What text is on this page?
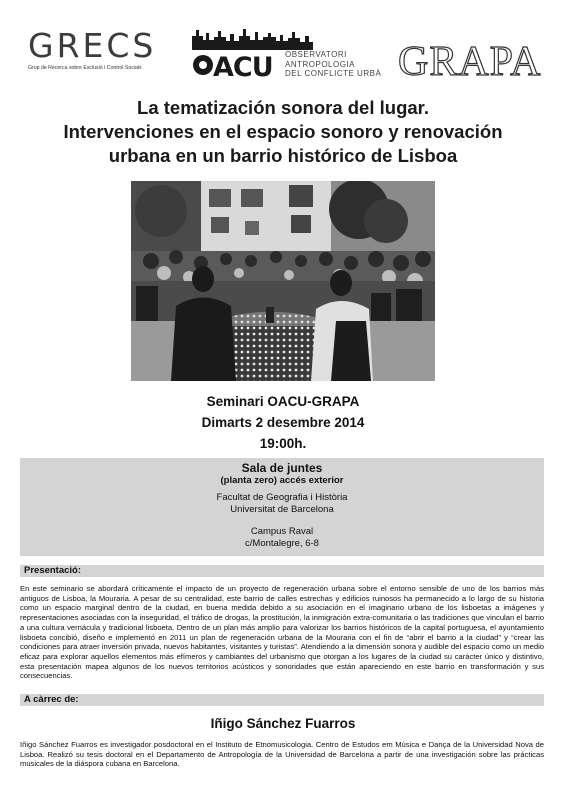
GRECS
Grup de Recerca sobre Exclusió i Control Socials	ACU OBSERVATORI
ANTROPOLOGIA
DEL CONFLICTE URBÀ GRAPA
La tematización sonora del lugar.
Intervenciones en el espacio sonoro y renovación
urbana en un barrio histórico de Lisboa
Seminari OACU-GRAPA
Dimarts 2 desembre 2014
19:00h.
Sala de juntes
(planta zero) accés exterior
Facultat de Geografia i Història
Universitat de Barcelona
Campus Raval
c/Montalegre, 6-8
Presentació:

En este seminario se abordará críticamente el impacto de un proyecto de regeneración urbana sobre el entorno sensible de uno de los barrios más antiguos de Lisboa, la Mouraria. A pesar de su centralidad, este barrio de calles estrechas y edificios ruinosos ha permanecido a lo largo de su historia como un espacio marginal dentro de la ciudad, en buena medida debido a su asociación en el imaginario urbano de los lisboetas a imágenes y representaciones asociadas con la inseguridad, el tráfico de drogas, la prostitución, la inmigración extra-comunitaria o las tradiciones que vinculan el barrio a una cultura vernácula y tradicional lisboeta. Dentro de un plan más amplio para valorizar los barrios históricos de la capital portuguesa, el ayuntamiento lisboeta concibió, diseño e implementó en 2011 un plan de regeneración urbana de la Mouraria con el fin de “abrir el barrio a la ciudad” y “crear las condiciones para atraer inversión privada, nuevos habitantes, visitantes y turistas”. Atendiendo a la dimensión sonora y audible del espacio como un medio eficaz para explorar aquellos elementos más efímeros y cambiantes del urbanismo que otorgan a los lugares de la ciudad su carácter único y distintivo, esta presentación mapea algunos de los nuevos territorios acústicos y sonoridades que están apareciendo en este barrio en transformación y sus consecuencias.

A càrrec de:
Iñigo Sánchez Fuarros

Iñigo Sánchez Fuarros es investigador posdoctoral en el Instituto de Etnomusicologia. Centro de Estudos em Música e Dança de la Universidad Nova de Lisboa. Realizó su tesis doctoral en el Departamento de Antropología de la Universidad de Barcelona a partir de una investigación sobre las prácticas musicales de la diáspora cubana en Barcelona.
